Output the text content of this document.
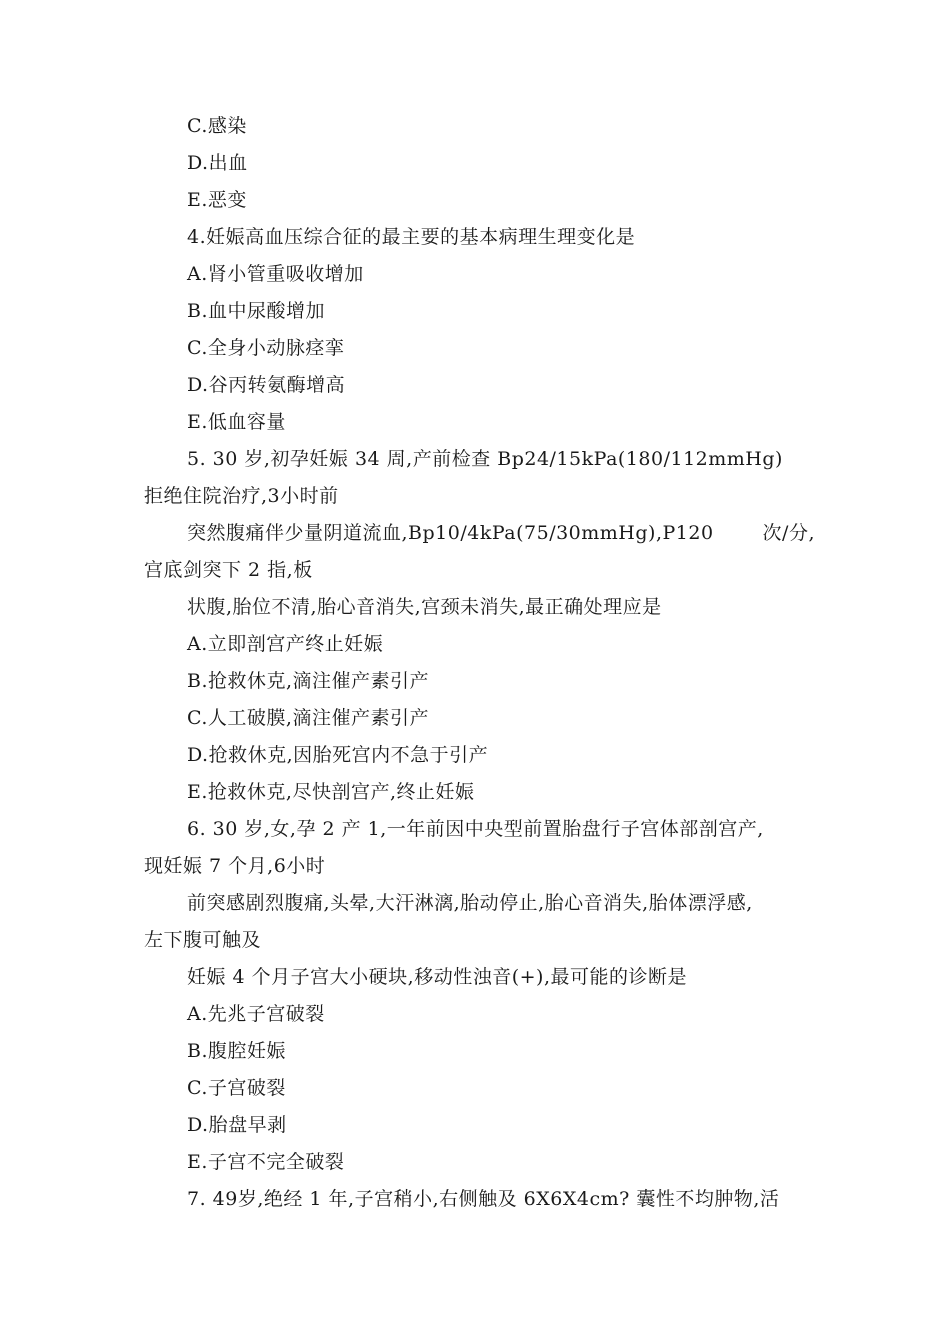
C.感染
D.出血
E.恶变
4.妊娠高血压综合征的最主要的基本病理生理变化是
A.肾小管重吸收增加
B.血中尿酸增加
C.全身小动脉痉挛
D.谷丙转氨酶增高
E.低血容量
5. 30 岁,初孕妊娠 34 周,产前检查 Bp24/15kPa(180/112mmHg)
拒绝住院治疗,3小时前
突然腹痛伴少量阴道流血,Bp10/4kPa(75/30mmHg),P120	次/分,
宫底剑突下 2 指,板
状腹,胎位不清,胎心音消失,宫颈未消失,最正确处理应是
A.立即剖宫产终止妊娠
B.抢救休克,滴注催产素引产
C.人工破膜,滴注催产素引产
D.抢救休克,因胎死宫内不急于引产
E.抢救休克,尽快剖宫产,终止妊娠
6. 30 岁,女,孕 2 产 1,一年前因中央型前置胎盘行子宫体部剖宫产,
现妊娠 7 个月,6小时
前突感剧烈腹痛,头晕,大汗淋漓,胎动停止,胎心音消失,胎体漂浮感,
左下腹可触及
妊娠 4 个月子宫大小硬块,移动性浊音(+),最可能的诊断是
A.先兆子宫破裂
B.腹腔妊娠
C.子宫破裂
D.胎盘早剥
E.子宫不完全破裂
7. 49岁,绝经 1 年,子宫稍小,右侧触及 6X6X4cm? 囊性不均肿物,活
